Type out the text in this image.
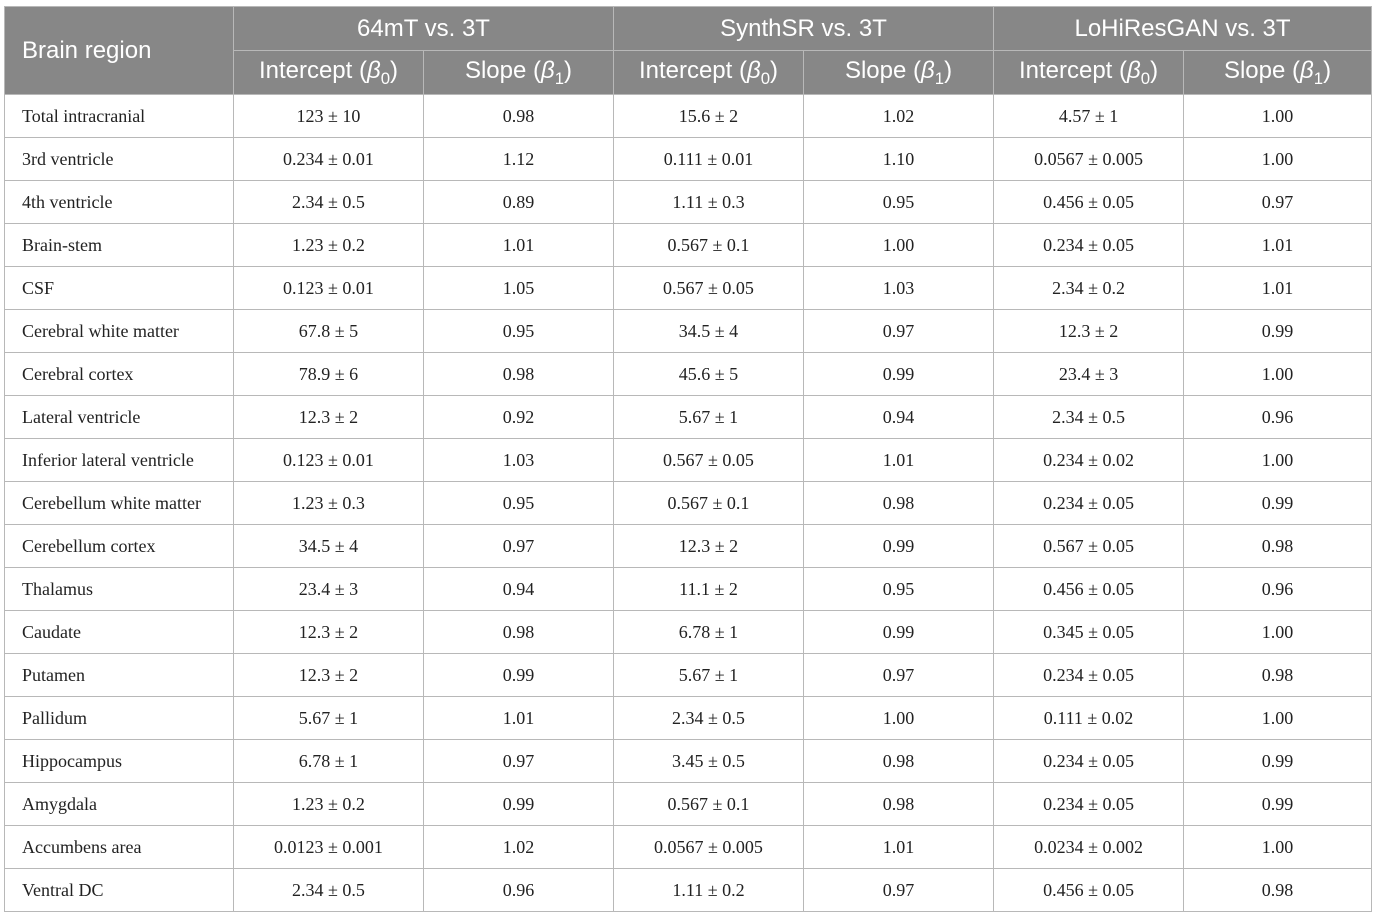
Brain region	64mT vs. 3T		SynthSR vs. 3T		LoHiResGAN vs. 3T	
	Intercept $(\beta_0)$	Slope $(\beta_1)$	Intercept $(\beta_0)$	Slope $(\beta_1)$	Intercept $(\beta_0)$	Slope $(\beta_1)$
Total intracranial	123 ± 10	0.98	15.6 ± 2	1.02	4.57 ± 1	1.00
3rd ventricle	0.234 ± 0.01	1.12	0.111 ± 0.01	1.10	0.0567 ± 0.005	1.00
4th ventricle	2.34 ± 0.5	0.89	1.11 ± 0.3	0.95	0.456 ± 0.05	0.97
Brain-stem	1.23 ± 0.2	1.01	0.567 ± 0.1	1.00	0.234 ± 0.05	1.01
CSF	0.123 ± 0.01	1.05	0.567 ± 0.05	1.03	2.34 ± 0.2	1.01
Cerebral white matter	67.8 ± 5	0.95	34.5 ± 4	0.97	12.3 ± 2	0.99
Cerebral cortex	78.9 ± 6	0.98	45.6 ± 5	0.99	23.4 ± 3	1.00
Lateral ventricle	12.3 ± 2	0.92	5.67 ± 1	0.94	2.34 ± 0.5	0.96
Inferior lateral ventricle	0.123 ± 0.01	1.03	0.567 ± 0.05	1.01	0.234 ± 0.02	1.00
Cerebellum white matter	1.23 ± 0.3	0.95	0.567 ± 0.1	0.98	0.234 ± 0.05	0.99
Cerebellum cortex	34.5 ± 4	0.97	12.3 ± 2	0.99	0.567 ± 0.05	0.98
Thalamus	23.4 ± 3	0.94	11.1 ± 2	0.95	0.456 ± 0.05	0.96
Caudate	12.3 ± 2	0.98	6.78 ± 1	0.99	0.345 ± 0.05	1.00
Putamen	12.3 ± 2	0.99	5.67 ± 1	0.97	0.234 ± 0.05	0.98
Pallidum	5.67 ± 1	1.01	2.34 ± 0.5	1.00	0.111 ± 0.02	1.00
Hippocampus	6.78 ± 1	0.97	3.45 ± 0.5	0.98	0.234 ± 0.05	0.99
Amygdala	1.23 ± 0.2	0.99	0.567 ± 0.1	0.98	0.234 ± 0.05	0.99
Accumbens area	0.0123 ± 0.001	1.02	0.0567 ± 0.005	1.01	0.0234 ± 0.002	1.00
Ventral DC	2.34 ± 0.5	0.96	1.11 ± 0.2	0.97	0.456 ± 0.05	0.98
